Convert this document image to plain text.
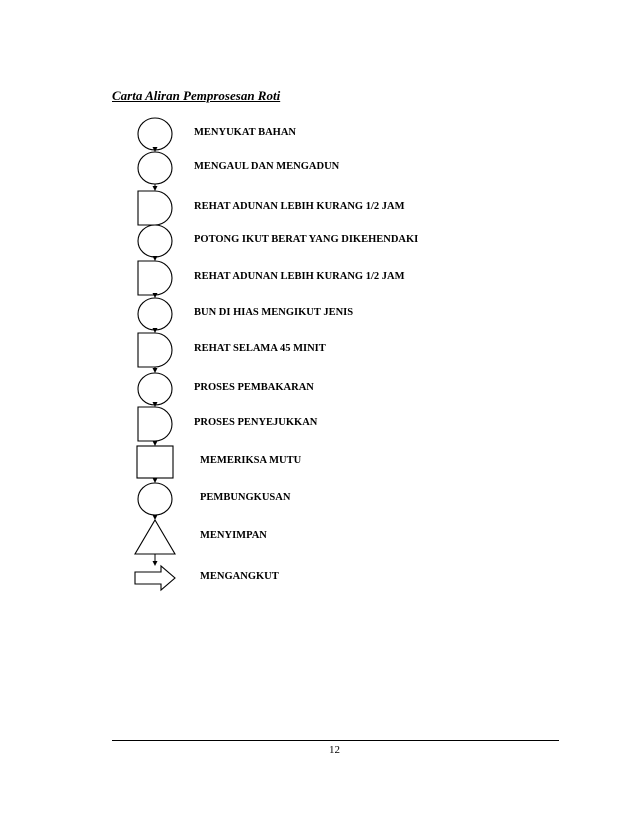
Carta Aliran Pemprosesan Roti
MENYUKAT BAHAN
MENGAUL DAN MENGADUN
REHAT ADUNAN LEBIH KURANG 1/2 JAM
POTONG IKUT BERAT YANG DIKEHENDAKI
REHAT ADUNAN LEBIH KURANG 1/2 JAM
BUN DI HIAS MENGIKUT JENIS
REHAT SELAMA 45 MINIT
PROSES PEMBAKARAN
PROSES PENYEJUKKAN
MEMERIKSA MUTU
PEMBUNGKUSAN
MENYIMPAN
MENGANGKUT
12
